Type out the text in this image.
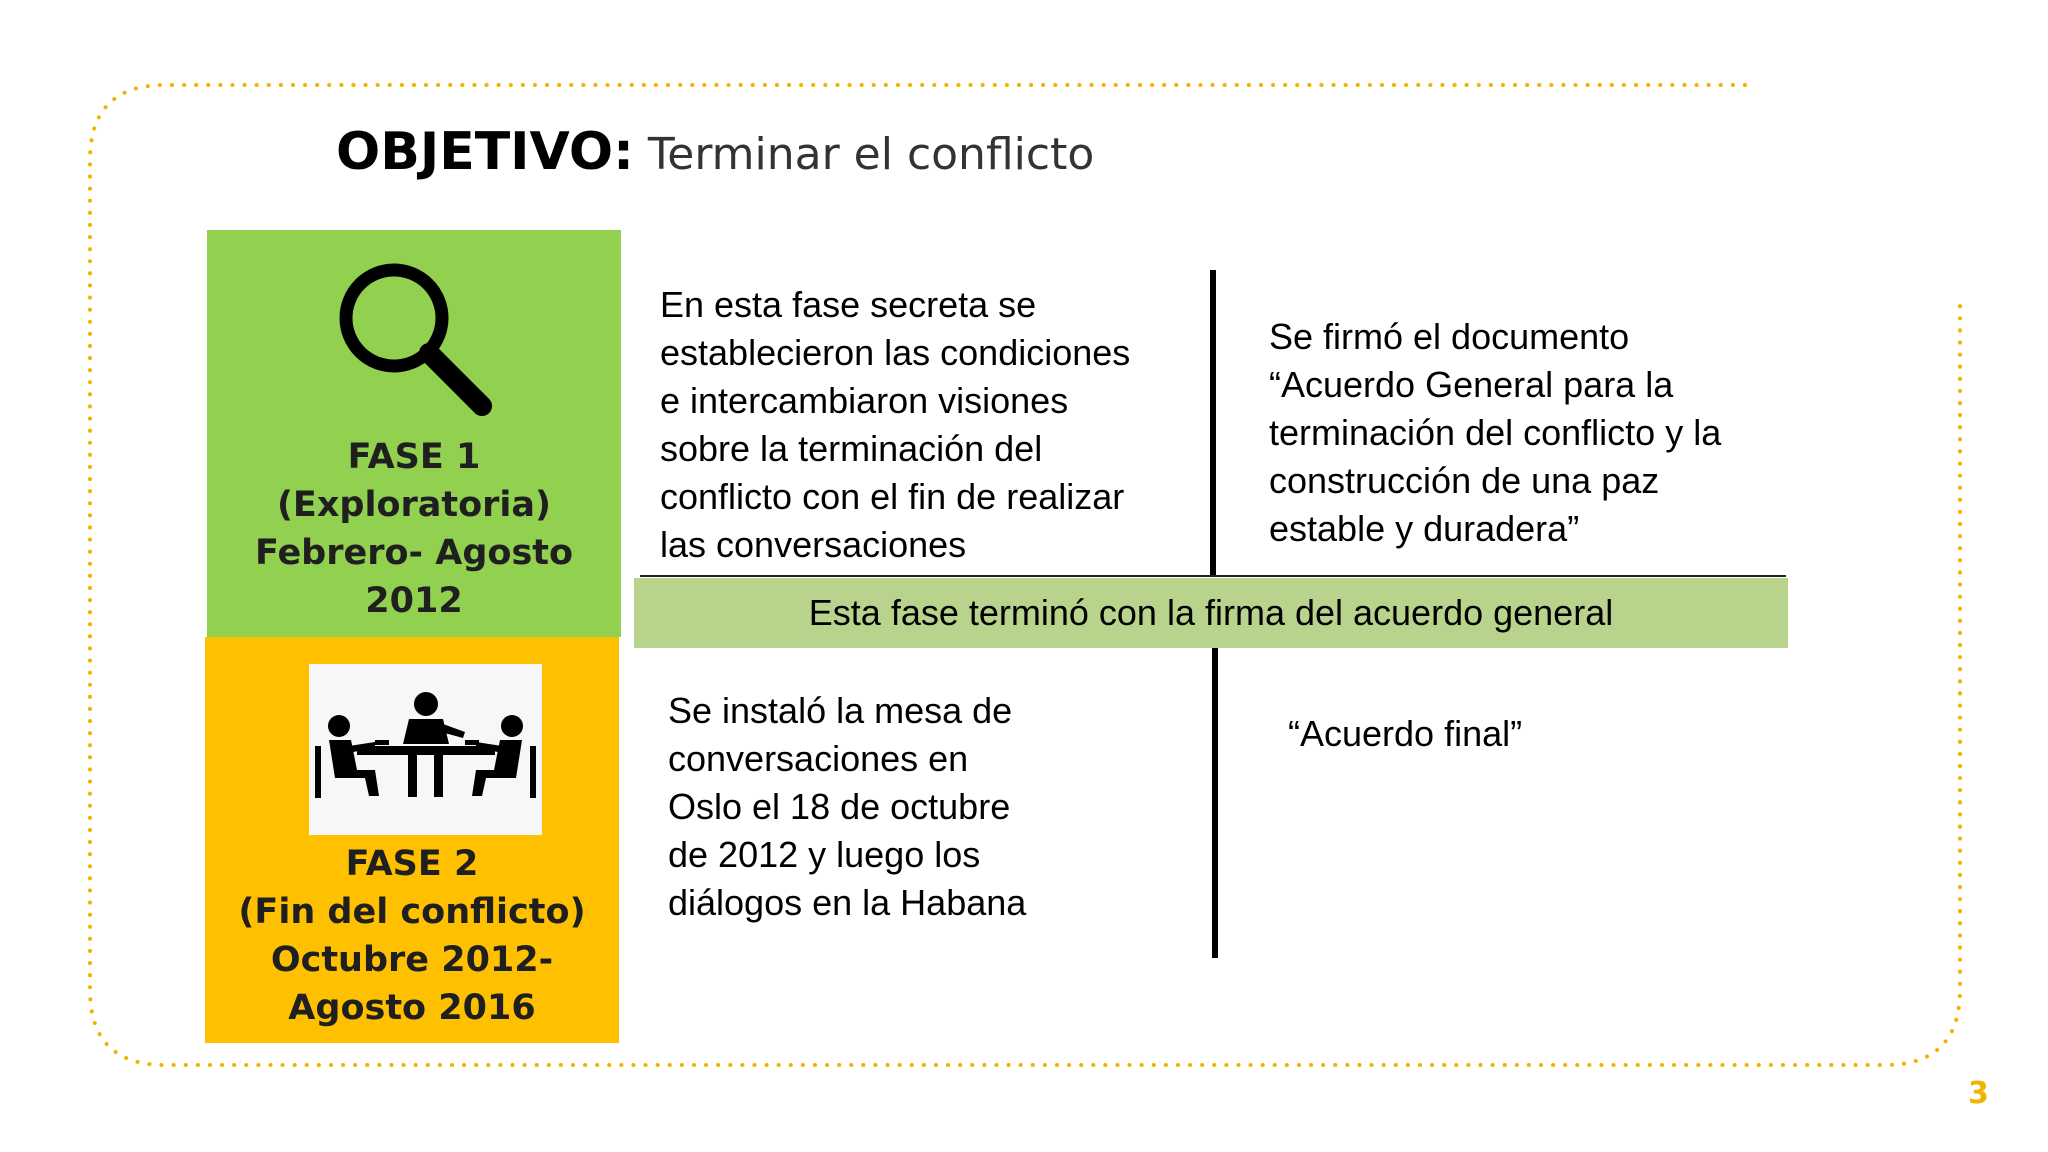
OBJETIVO: Terminar el conflicto
FASE 1
(Exploratoria)
Febrero- Agosto
2012
FASE 2
(Fin del conflicto)
Octubre 2012-
Agosto 2016
En esta fase secreta se
establecieron las condiciones
e intercambiaron visiones
sobre la terminación del
conflicto con el fin de realizar
las conversaciones
Se firmó el documento
“Acuerdo General para la
terminación del conflicto y la
construcción de una paz
estable y duradera”
Esta fase terminó con la firma del acuerdo general
Se instaló la mesa de
conversaciones en
Oslo el 18 de octubre
de 2012 y luego los
diálogos en la Habana
“Acuerdo final”
3
